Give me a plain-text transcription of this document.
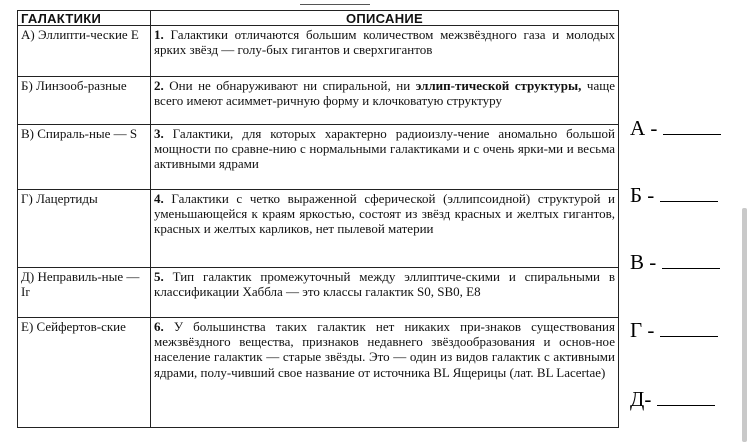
ГАЛАКТИКИ	ОПИСАНИЕ
А) Эллипти-ческие E	1. Галактики отличаются большим количеством межзвёздного газа и молодых ярких звёзд — голу-бых гигантов и сверхгигантов
Б) Линзооб-разные	2. Они не обнаруживают ни спиральной, ни эллип-тической структуры, чаще всего имеют асиммет-ричную форму и клочковатую структуру
В) Спираль-ные — S	3. Галактики, для которых характерно радиоизлу-чение аномально большой мощности по сравне-нию с нормальными галактиками и с очень ярки-ми и весьма активными ядрами
Г) Лацертиды	4. Галактики с четко выраженной сферической (эллипсоидной) структурой и уменьшающейся к краям яркостью, состоят из звёзд красных и желтых гигантов, красных и желтых карликов, нет пылевой материи
Д) Неправиль-ные — Ir	5. Тип галактик промежуточный между эллиптиче-скими и спиральными в классификации Хаббла — это классы галактик S0, SB0, E8
Е) Сейфертов-ские	6. У большинства таких галактик нет никаких при-знаков существования межзвёздного вещества, признаков недавнего звёздообразования и основ-ное население галактик — старые звёзды. Это — один из видов галактик с активными ядрами, полу-чивший свое название от источника BL Ящерицы (лат. BL Lacertae)
А -
Б -
В -
Г -
Д-
